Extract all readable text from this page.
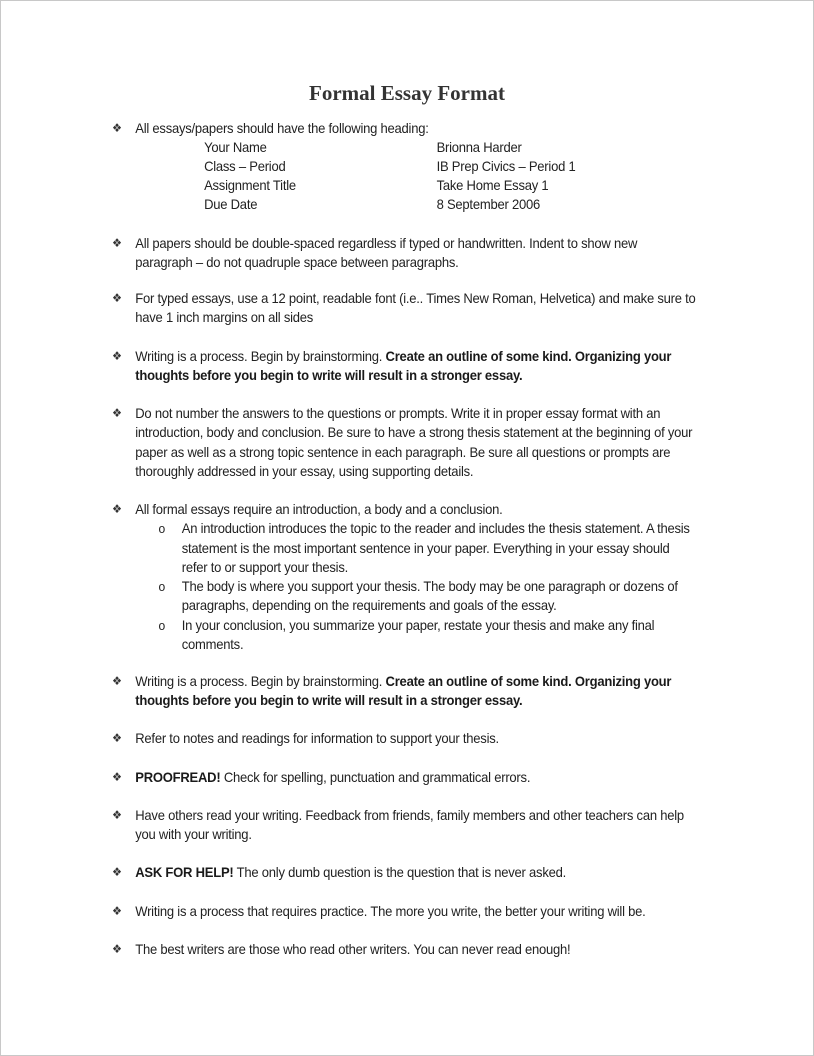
Formal Essay Format
❖ All essays/papers should have the following heading:
Your Name	Brionna Harder
Class – Period	IB Prep Civics – Period 1
Assignment Title	Take Home Essay 1
Due Date	8 September 2006
❖ All papers should be double-spaced regardless if typed or handwritten. Indent to show new paragraph – do not quadruple space between paragraphs.
❖ For typed essays, use a 12 point, readable font (i.e.. Times New Roman, Helvetica) and make sure to have 1 inch margins on all sides
❖ Writing is a process. Begin by brainstorming. Create an outline of some kind. Organizing your thoughts before you begin to write will result in a stronger essay.
❖ Do not number the answers to the questions or prompts. Write it in proper essay format with an introduction, body and conclusion. Be sure to have a strong thesis statement at the beginning of your paper as well as a strong topic sentence in each paragraph. Be sure all questions or prompts are thoroughly addressed in your essay, using supporting details.
❖ All formal essays require an introduction, a body and a conclusion.
o An introduction introduces the topic to the reader and includes the thesis statement. A thesis statement is the most important sentence in your paper. Everything in your essay should refer to or support your thesis.
o The body is where you support your thesis. The body may be one paragraph or dozens of paragraphs, depending on the requirements and goals of the essay.
o In your conclusion, you summarize your paper, restate your thesis and make any final comments.
❖ Writing is a process. Begin by brainstorming. Create an outline of some kind. Organizing your thoughts before you begin to write will result in a stronger essay.
❖ Refer to notes and readings for information to support your thesis.
❖ PROOFREAD! Check for spelling, punctuation and grammatical errors.
❖ Have others read your writing. Feedback from friends, family members and other teachers can help you with your writing.
❖ ASK FOR HELP! The only dumb question is the question that is never asked.
❖ Writing is a process that requires practice. The more you write, the better your writing will be.
❖ The best writers are those who read other writers. You can never read enough!
